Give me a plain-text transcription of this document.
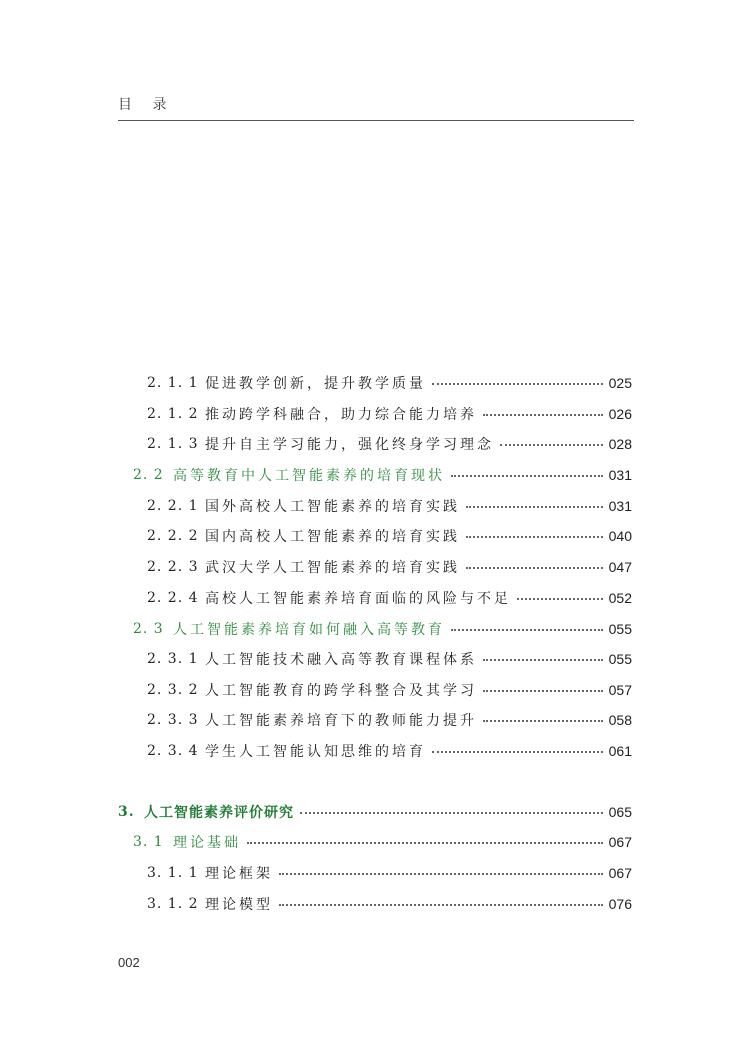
目 录
2. 1. 1 促进教学创新，提升教学质量	025
2. 1. 2 推动跨学科融合，助力综合能力培养	026
2. 1. 3 提升自主学习能力，强化终身学习理念	028
2. 2 高等教育中人工智能素养的培育现状	031
2. 2. 1 国外高校人工智能素养的培育实践	031
2. 2. 2 国内高校人工智能素养的培育实践	040
2. 2. 3 武汉大学人工智能素养的培育实践	047
2. 2. 4 高校人工智能素养培育面临的风险与不足	052
2. 3 人工智能素养培育如何融入高等教育	055
2. 3. 1 人工智能技术融入高等教育课程体系	055
2. 3. 2 人工智能教育的跨学科整合及其学习	057
2. 3. 3 人工智能素养培育下的教师能力提升	058
2. 3. 4 学生人工智能认知思维的培育	061
3. 人工智能素养评价研究	065
3. 1 理论基础	067
3. 1. 1 理论框架	067
3. 1. 2 理论模型	076
002
